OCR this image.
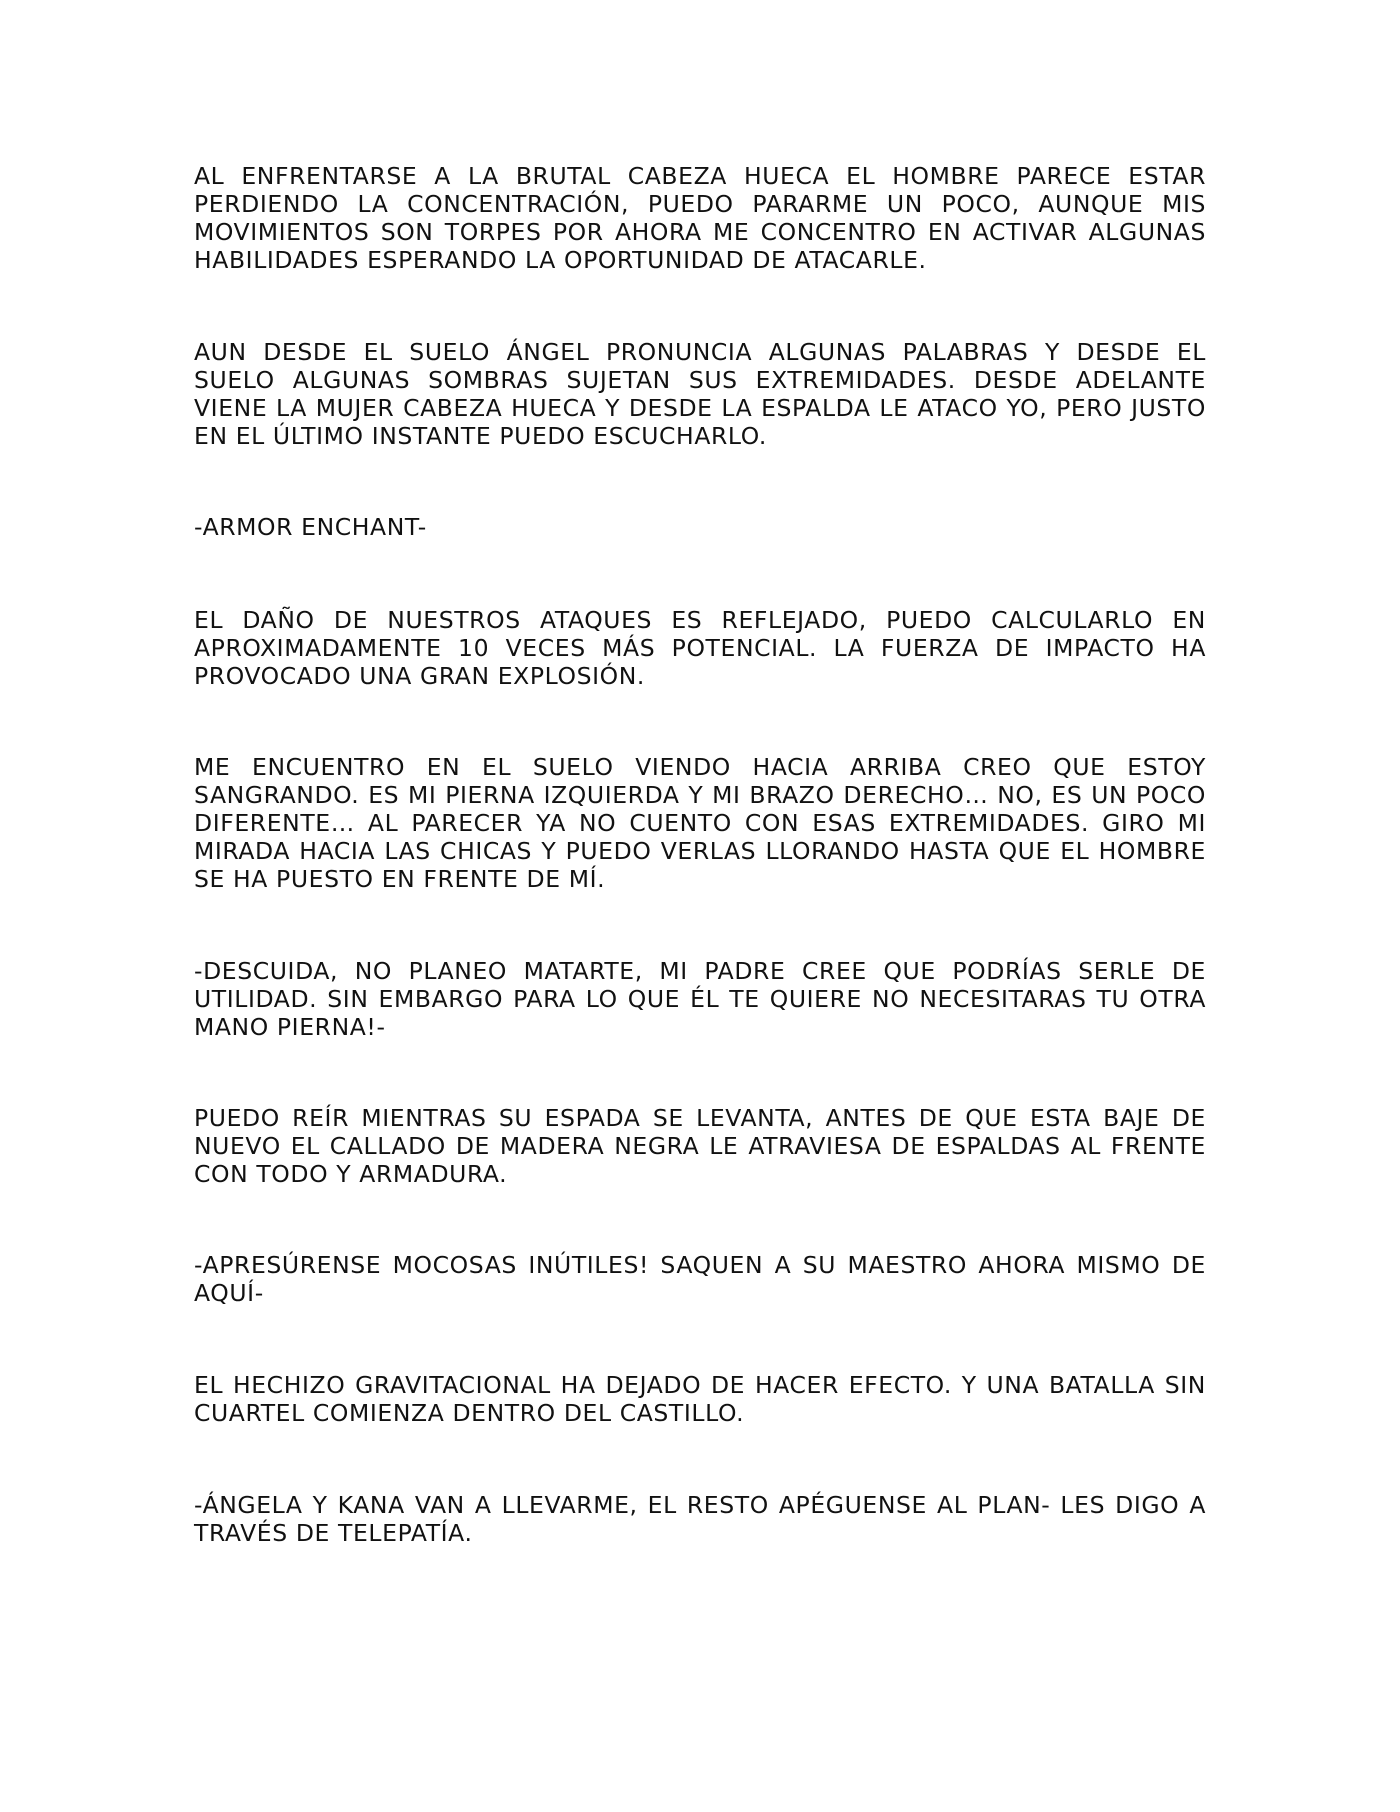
AL ENFRENTARSE A LA BRUTAL CABEZA HUECA EL HOMBRE PARECE ESTAR PERDIENDO LA CONCENTRACIÓN, PUEDO PARARME UN POCO, AUNQUE MIS MOVIMIENTOS SON TORPES POR AHORA ME CONCENTRO EN ACTIVAR ALGUNAS HABILIDADES ESPERANDO LA OPORTUNIDAD DE ATACARLE.

AUN DESDE EL SUELO ÁNGEL PRONUNCIA ALGUNAS PALABRAS Y DESDE EL SUELO ALGUNAS SOMBRAS SUJETAN SUS EXTREMIDADES. DESDE ADELANTE VIENE LA MUJER CABEZA HUECA Y DESDE LA ESPALDA LE ATACO YO, PERO JUSTO EN EL ÚLTIMO INSTANTE PUEDO ESCUCHARLO.

-ARMOR ENCHANT-

EL DAÑO DE NUESTROS ATAQUES ES REFLEJADO, PUEDO CALCULARLO EN APROXIMADAMENTE 10 VECES MÁS POTENCIAL. LA FUERZA DE IMPACTO HA PROVOCADO UNA GRAN EXPLOSIÓN.

ME ENCUENTRO EN EL SUELO VIENDO HACIA ARRIBA CREO QUE ESTOY SANGRANDO. ES MI PIERNA IZQUIERDA Y MI BRAZO DERECHO… NO, ES UN POCO DIFERENTE… AL PARECER YA NO CUENTO CON ESAS EXTREMIDADES. GIRO MI MIRADA HACIA LAS CHICAS Y PUEDO VERLAS LLORANDO HASTA QUE EL HOMBRE SE HA PUESTO EN FRENTE DE MÍ.

-DESCUIDA, NO PLANEO MATARTE, MI PADRE CREE QUE PODRÍAS SERLE DE UTILIDAD. SIN EMBARGO PARA LO QUE ÉL TE QUIERE NO NECESITARAS TU OTRA MANO PIERNA!-

PUEDO REÍR MIENTRAS SU ESPADA SE LEVANTA, ANTES DE QUE ESTA BAJE DE NUEVO EL CALLADO DE MADERA NEGRA LE ATRAVIESA DE ESPALDAS AL FRENTE CON TODO Y ARMADURA.

-APRESÚRENSE MOCOSAS INÚTILES! SAQUEN A SU MAESTRO AHORA MISMO DE AQUÍ-

EL HECHIZO GRAVITACIONAL HA DEJADO DE HACER EFECTO. Y UNA BATALLA SIN CUARTEL COMIENZA DENTRO DEL CASTILLO.

-ÁNGELA Y KANA VAN A LLEVARME, EL RESTO APÉGUENSE AL PLAN- LES DIGO A TRAVÉS DE TELEPATÍA.
